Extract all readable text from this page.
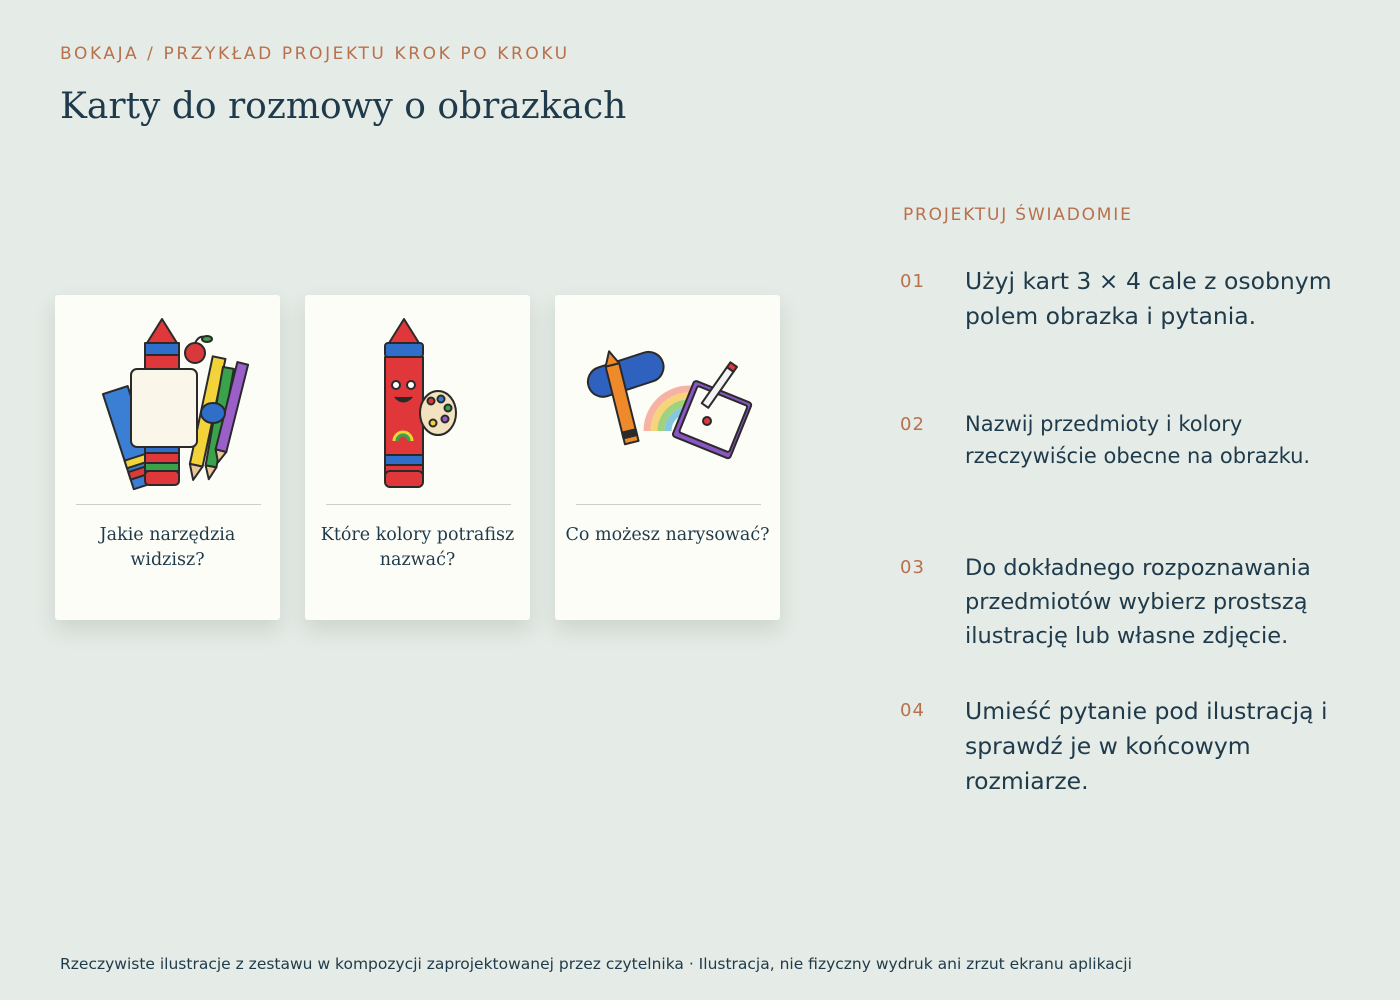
BOKAJA / PRZYKŁAD PROJEKTU KROK PO KROKU
Karty do rozmowy o obrazkach
Jakie narzędzia widzisz?
Które kolory potrafisz nazwać?
Co możesz narysować?
PROJEKTUJ ŚWIADOMIE
01 Użyj kart 3 × 4 cale z osobnym polem obrazka i pytania.
02 Nazwij przedmioty i kolory rzeczywiście obecne na obrazku.
03 Do dokładnego rozpoznawania przedmiotów wybierz prostszą ilustrację lub własne zdjęcie.
04 Umieść pytanie pod ilustracją i sprawdź je w końcowym rozmiarze.
Rzeczywiste ilustracje z zestawu w kompozycji zaprojektowanej przez czytelnika · Ilustracja, nie fizyczny wydruk ani zrzut ekranu aplikacji
